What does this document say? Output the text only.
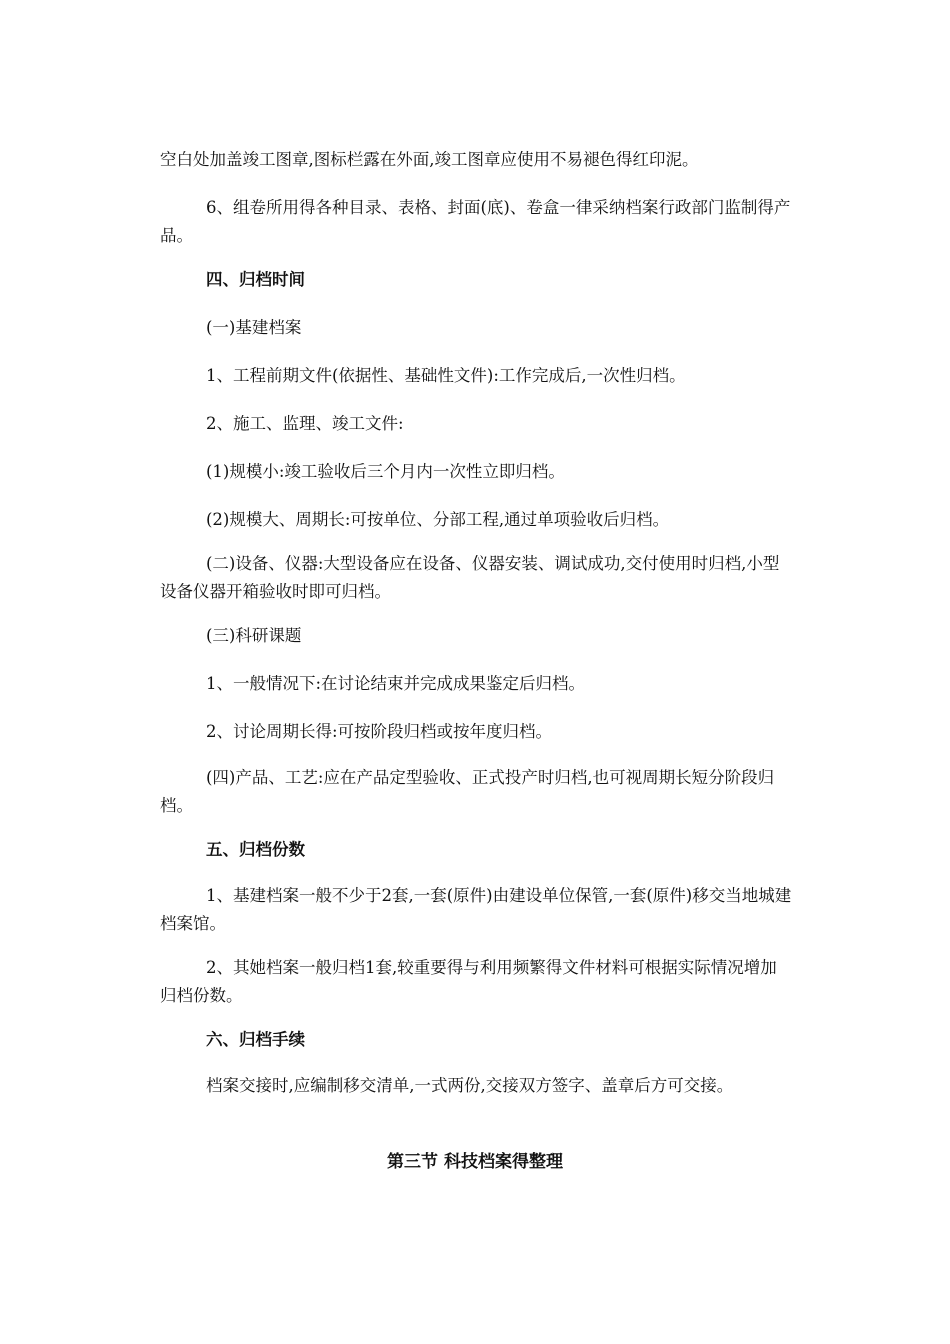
空白处加盖竣工图章,图标栏露在外面,竣工图章应使用不易褪色得红印泥。

6、组卷所用得各种目录、表格、封面(底)、卷盒一律采纳档案行政部门监制得产品。

四、归档时间

(一)基建档案

1、工程前期文件(依据性、基础性文件):工作完成后,一次性归档。

2、施工、监理、竣工文件:

(1)规模小:竣工验收后三个月内一次性立即归档。

(2)规模大、周期长:可按单位、分部工程,通过单项验收后归档。

(二)设备、仪器:大型设备应在设备、仪器安装、调试成功,交付使用时归档,小型设备仪器开箱验收时即可归档。

(三)科研课题

1、一般情况下:在讨论结束并完成成果鉴定后归档。

2、讨论周期长得:可按阶段归档或按年度归档。

(四)产品、工艺:应在产品定型验收、正式投产时归档,也可视周期长短分阶段归档。

五、归档份数

1、基建档案一般不少于2套,一套(原件)由建设单位保管,一套(原件)移交当地城建档案馆。

2、其她档案一般归档1套,较重要得与利用频繁得文件材料可根据实际情况增加归档份数。

六、归档手续

档案交接时,应编制移交清单,一式两份,交接双方签字、盖章后方可交接。

第三节 科技档案得整理
